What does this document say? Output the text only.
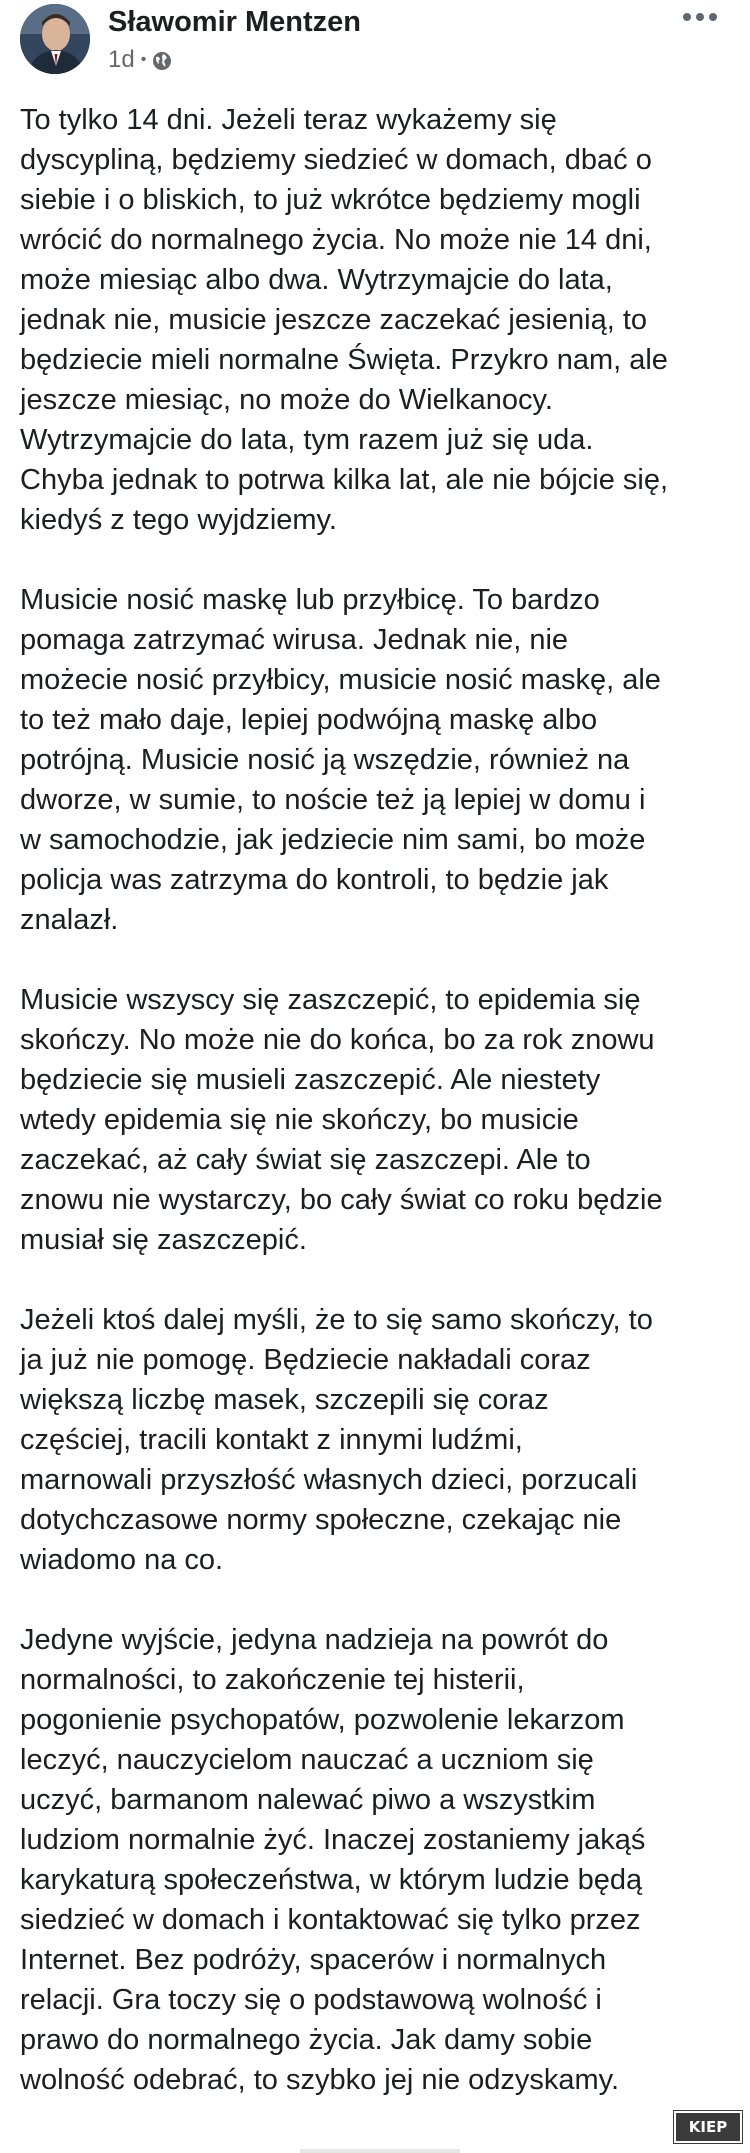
Sławomir Mentzen
1d •

To tylko 14 dni. Jeżeli teraz wykażemy się
dyscypliną, będziemy siedzieć w domach, dbać o
siebie i o bliskich, to już wkrótce będziemy mogli
wrócić do normalnego życia. No może nie 14 dni,
może miesiąc albo dwa. Wytrzymajcie do lata,
jednak nie, musicie jeszcze zaczekać jesienią, to
będziecie mieli normalne Święta. Przykro nam, ale
jeszcze miesiąc, no może do Wielkanocy.
Wytrzymajcie do lata, tym razem już się uda.
Chyba jednak to potrwa kilka lat, ale nie bójcie się,
kiedyś z tego wyjdziemy.

Musicie nosić maskę lub przyłbicę. To bardzo
pomaga zatrzymać wirusa. Jednak nie, nie
możecie nosić przyłbicy, musicie nosić maskę, ale
to też mało daje, lepiej podwójną maskę albo
potrójną. Musicie nosić ją wszędzie, również na
dworze, w sumie, to noście też ją lepiej w domu i
w samochodzie, jak jedziecie nim sami, bo może
policja was zatrzyma do kontroli, to będzie jak
znalazł.

Musicie wszyscy się zaszczepić, to epidemia się
skończy. No może nie do końca, bo za rok znowu
będziecie się musieli zaszczepić. Ale niestety
wtedy epidemia się nie skończy, bo musicie
zaczekać, aż cały świat się zaszczepi. Ale to
znowu nie wystarczy, bo cały świat co roku będzie
musiał się zaszczepić.

Jeżeli ktoś dalej myśli, że to się samo skończy, to
ja już nie pomogę. Będziecie nakładali coraz
większą liczbę masek, szczepili się coraz
częściej, tracili kontakt z innymi ludźmi,
marnowali przyszłość własnych dzieci, porzucali
dotychczasowe normy społeczne, czekając nie
wiadomo na co.

Jedyne wyjście, jedyna nadzieja na powrót do
normalności, to zakończenie tej histerii,
pogonienie psychopatów, pozwolenie lekarzom
leczyć, nauczycielom nauczać a uczniom się
uczyć, barmanom nalewać piwo a wszystkim
ludziom normalnie żyć. Inaczej zostaniemy jakąś
karykaturą społeczeństwa, w którym ludzie będą
siedzieć w domach i kontaktować się tylko przez
Internet. Bez podróży, spacerów i normalnych
relacji. Gra toczy się o podstawową wolność i
prawo do normalnego życia. Jak damy sobie
wolność odebrać, to szybko jej nie odzyskamy.

KIEP
